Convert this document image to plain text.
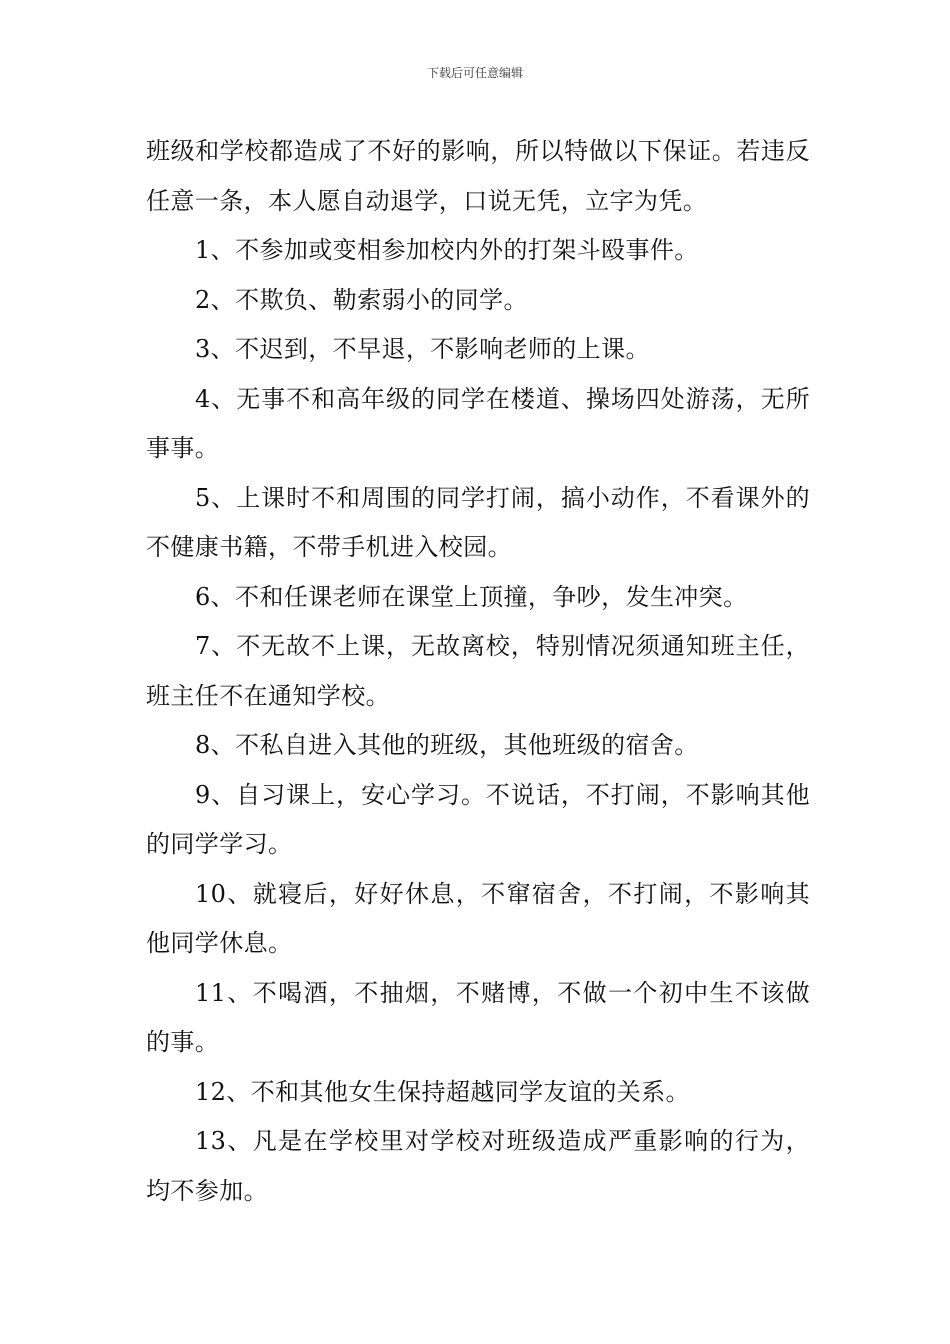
下载后可任意编辑

班级和学校都造成了不好的影响，所以特做以下保证。若违反任意一条，本人愿自动退学，口说无凭，立字为凭。

1、不参加或变相参加校内外的打架斗殴事件。

2、不欺负、勒索弱小的同学。

3、不迟到，不早退，不影响老师的上课。

4、无事不和高年级的同学在楼道、操场四处游荡，无所事事。

5、上课时不和周围的同学打闹，搞小动作，不看课外的不健康书籍，不带手机进入校园。

6、不和任课老师在课堂上顶撞，争吵，发生冲突。

7、不无故不上课，无故离校，特别情况须通知班主任，班主任不在通知学校。

8、不私自进入其他的班级，其他班级的宿舍。

9、自习课上，安心学习。不说话，不打闹，不影响其他的同学学习。

10、就寝后，好好休息，不窜宿舍，不打闹，不影响其他同学休息。

11、不喝酒，不抽烟，不赌博，不做一个初中生不该做的事。

12、不和其他女生保持超越同学友谊的关系。

13、凡是在学校里对学校对班级造成严重影响的行为，均不参加。
